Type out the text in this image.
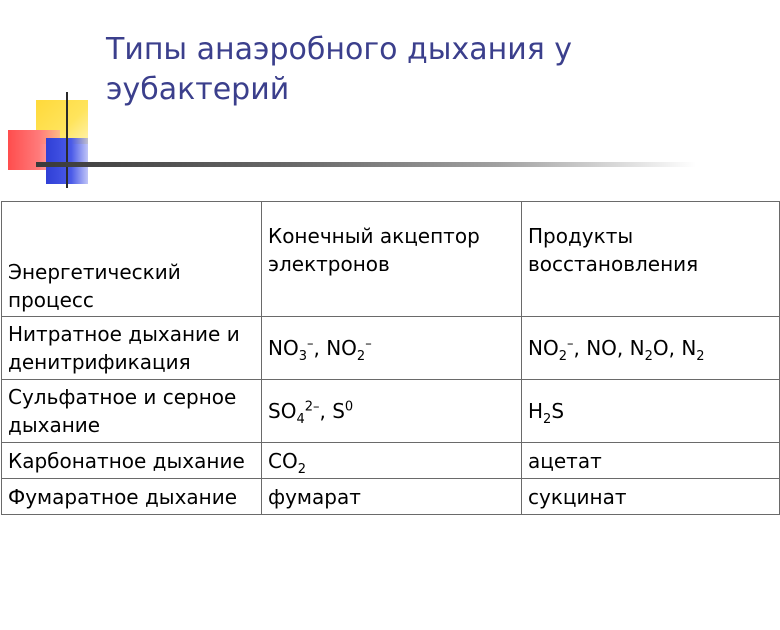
Типы анаэробного дыхания у эубактерий
Энергетический процесс	Конечный акцептор электронов	Продукты восстановления
Нитратное дыхание и денитрификация	$NO_3^-$, $NO_2^-$	$NO_2^-$, NO, $N_2O$, $N_2$
Сульфатное и серное дыхание	$SO_4^{2-}$, $S^0$	$H_2S$
Карбонатное дыхание	$CO_2$	ацетат
Фумаратное дыхание	фумарат	сукцинат
